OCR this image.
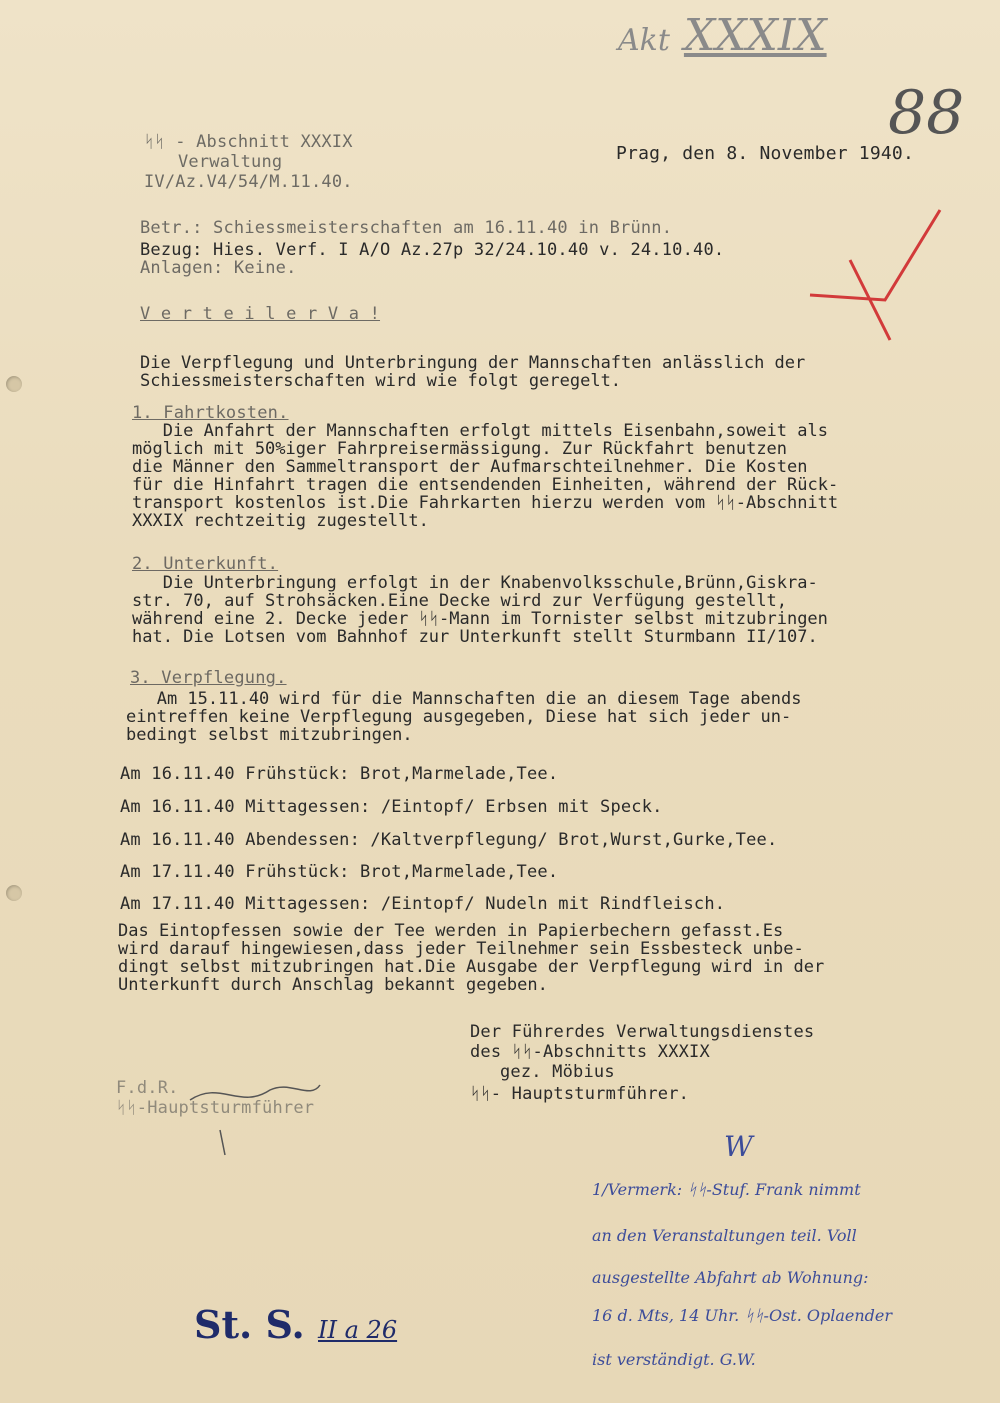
Akt XXXIX
88
ᛋᛋ - Abschnitt XXXIX
Verwaltung
IV/Az.V4/54/M.11.40.
Prag, den 8. November 1940.
Betr.: Schiessmeisterschaften am 16.11.40 in Brünn.
Bezug: Hies. Verf. I A/O Az.27p 32/24.10.40 v. 24.10.40.
Anlagen: Keine.
V e r t e i l e r V a !
Die Verpflegung und Unterbringung der Mannschaften anlässlich der
Schiessmeisterschaften wird wie folgt geregelt.
1. Fahrtkosten.
Die Anfahrt der Mannschaften erfolgt mittels Eisenbahn,soweit als
möglich mit 50%iger Fahrpreisermässigung. Zur Rückfahrt benutzen
die Männer den Sammeltransport der Aufmarschteilnehmer. Die Kosten
für die Hinfahrt tragen die entsendenden Einheiten, während der Rück-
transport kostenlos ist.Die Fahrkarten hierzu werden vom ᛋᛋ-Abschnitt
XXXIX rechtzeitig zugestellt.
2. Unterkunft.
Die Unterbringung erfolgt in der Knabenvolksschule,Brünn,Giskra-
str. 70, auf Strohsäcken.Eine Decke wird zur Verfügung gestellt,
während eine 2. Decke jeder ᛋᛋ-Mann im Tornister selbst mitzubringen
hat. Die Lotsen vom Bahnhof zur Unterkunft stellt Sturmbann II/107.
3. Verpflegung.
Am 15.11.40 wird für die Mannschaften die an diesem Tage abends
eintreffen keine Verpflegung ausgegeben, Diese hat sich jeder un-
bedingt selbst mitzubringen.
Am 16.11.40 Frühstück: Brot,Marmelade,Tee.
Am 16.11.40 Mittagessen: /Eintopf/ Erbsen mit Speck.
Am 16.11.40 Abendessen: /Kaltverpflegung/ Brot,Wurst,Gurke,Tee.
Am 17.11.40 Frühstück: Brot,Marmelade,Tee.
Am 17.11.40 Mittagessen: /Eintopf/ Nudeln mit Rindfleisch.
Das Eintopfessen sowie der Tee werden in Papierbechern gefasst.Es
wird darauf hingewiesen,dass jeder Teilnehmer sein Essbesteck unbe-
dingt selbst mitzubringen hat.Die Ausgabe der Verpflegung wird in der
Unterkunft durch Anschlag bekannt gegeben.
Der Führerdes Verwaltungsdienstes
des ᛋᛋ-Abschnitts XXXIX
gez. Möbius
ᛋᛋ- Hauptsturmführer.
F.d.R.
ᛋᛋ-Hauptsturmführer
W
1/Vermerk: ᛋᛋ-Stuf. Frank nimmt
an den Veranstaltungen teil. Voll
ausgestellte Abfahrt ab Wohnung:
16 d. Mts, 14 Uhr. ᛋᛋ-Ost. Oplaender
ist verständigt. G.W.
St. S. II a 26
